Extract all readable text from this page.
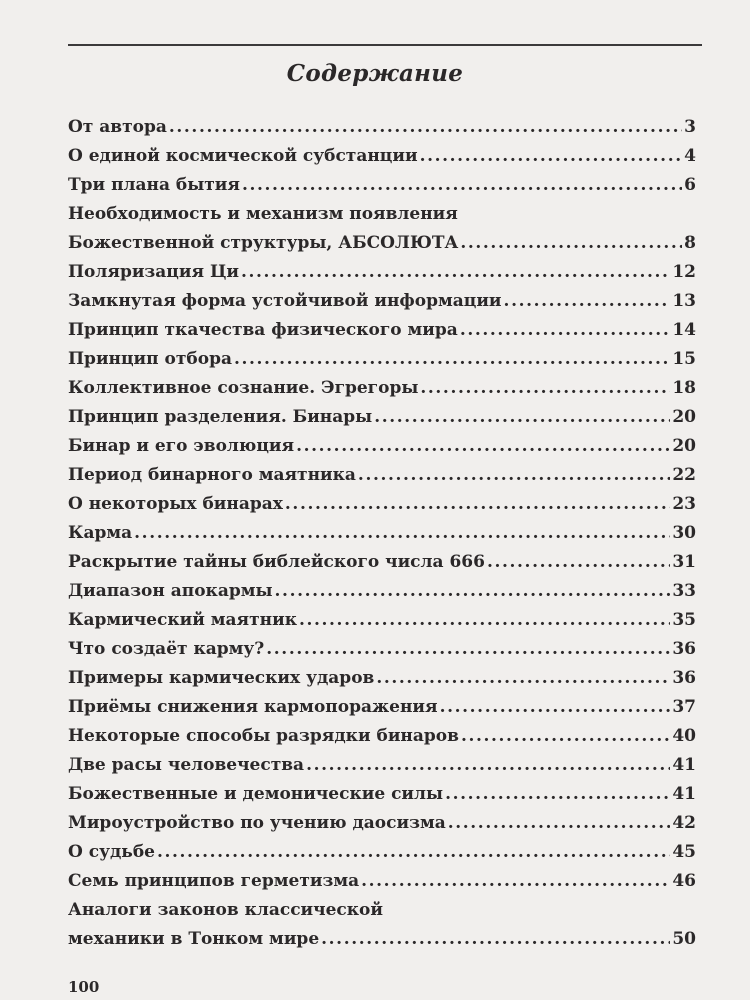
Содержание
От автора .....	3
О единой космической субстанции .....	4
Три плана бытия .....	6
Необходимость и механизм появления
Божественной структуры, АБСОЛЮТА .....	8
Поляризация Ци .....	12
Замкнутая форма устойчивой информации .....	13
Принцип ткачества физического мира .....	14
Принцип отбора .....	15
Коллективное сознание. Эгрегоры .....	18
Принцип разделения. Бинары .....	20
Бинар и его эволюция .....	20
Период бинарного маятника .....	22
О некоторых бинарах .....	23
Карма .....	30
Раскрытие тайны библейского числа 666 .....	31
Диапазон апокармы .....	33
Кармический маятник .....	35
Что создаёт карму? .....	36
Примеры кармических ударов .....	36
Приёмы снижения кармопоражения .....	37
Некоторые способы разрядки бинаров .....	40
Две расы человечества .....	41
Божественные и демонические силы .....	41
Мироустройство по учению даосизма .....	42
О судьбе .....	45
Семь принципов герметизма .....	46
Аналоги законов классической
механики в Тонком мире .....	50
100
